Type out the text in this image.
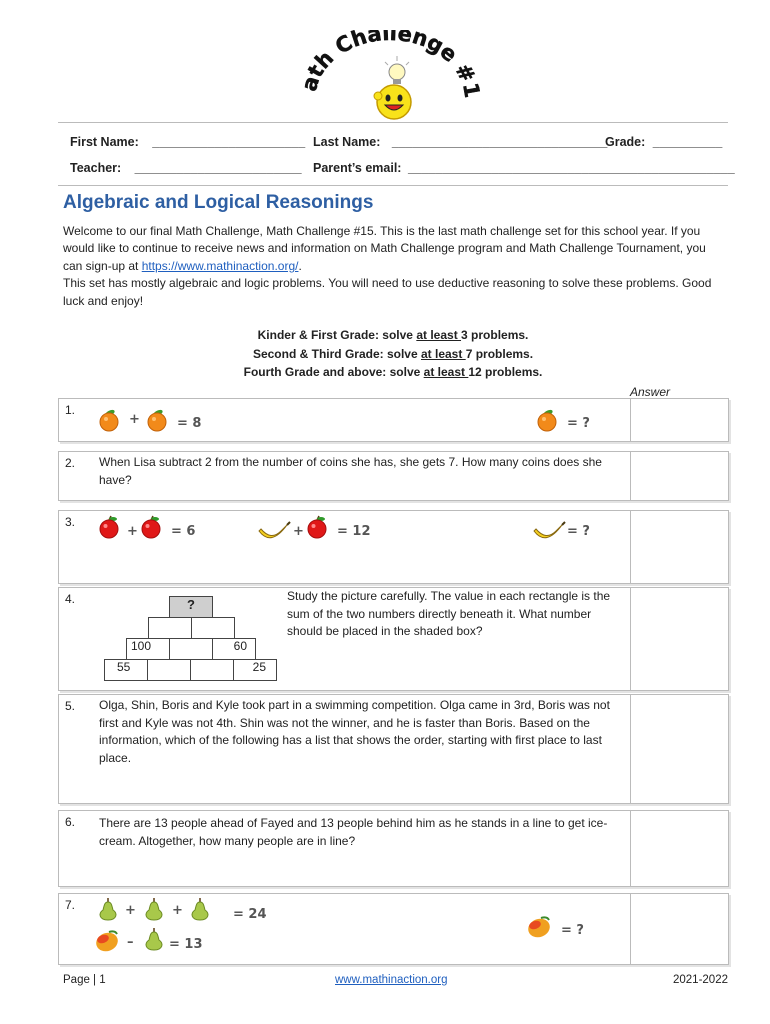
ath Challenge #1
First Name: ______________________ Last Name: _______________________________
Grade: __________
Teacher: ________________________ Parent’s email: _______________________________________________
Algebraic and Logical Reasonings
Welcome to our final Math Challenge, Math Challenge #15. This is the last math challenge set for this school year. If you would like to continue to receive news and information on Math Challenge program and Math Challenge Tournament, you can sign-up at https://www.mathinaction.org/.
This set has mostly algebraic and logic problems. You will need to use deductive reasoning to solve these problems. Good luck and enjoy!
Kinder & First Grade: solve at least 3 problems.
Second & Third Grade: solve at least 7 problems.
Fourth Grade and above: solve at least 12 problems.
Answer
1.
+	= 8	= ?
2. When Lisa subtract 2 from the number of coins she has, she gets 7. How many coins does she have?
3.
+	= 6	+	= 12	= ?
4.	?
100	60
55	25
Study the picture carefully. The value in each rectangle is the sum of the two numbers directly beneath it. What number should be placed in the shaded box?
5. Olga, Shin, Boris and Kyle took part in a swimming competition. Olga came in 3rd, Boris was not first and Kyle was not 4th. Shin was not the winner, and he is faster than Boris. Based on the information, which of the following has a list that shows the order, starting with first place to last place.
6. There are 13 people ahead of Fayed and 13 people behind him as he stands in a line to get ice-cream. Altogether, how many people are in line?
7.	+	+	= 24
–	= 13
= ?
Page | 1	www.mathinaction.org	2021-2022
